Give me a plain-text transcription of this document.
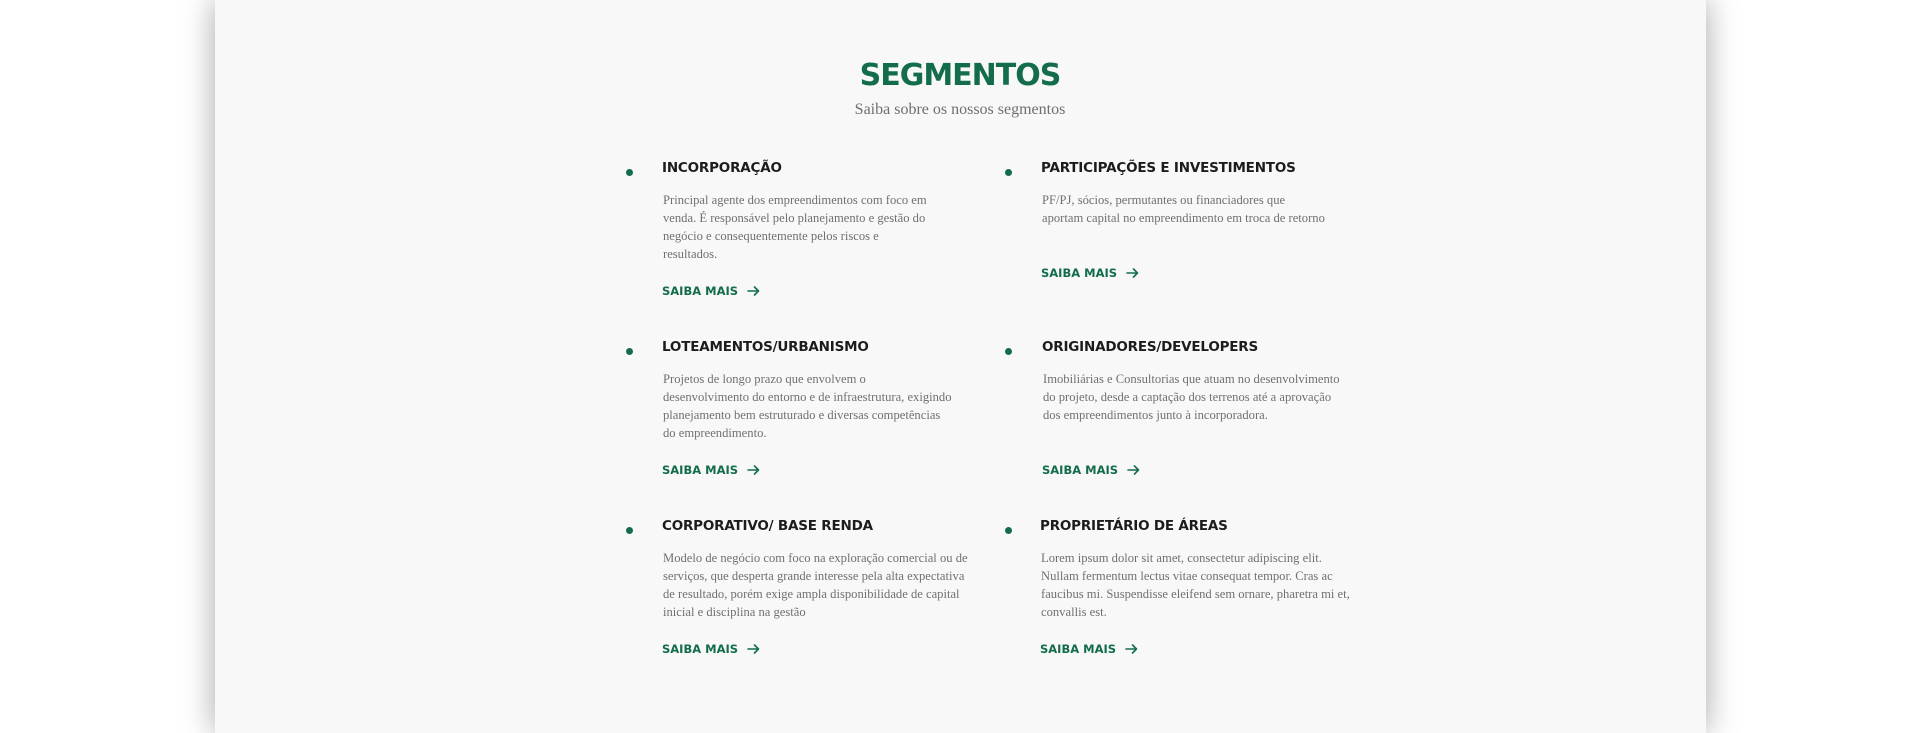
SEGMENTOS

Saiba sobre os nossos segmentos

INCORPORAÇÃO

Principal agente dos empreendimentos com foco em venda. É responsável pelo planejamento e gestão do negócio e consequentemente pelos riscos e resultados.

SAIBA MAIS
PARTICIPAÇÕES E INVESTIMENTOS

PF/PJ, sócios, permutantes ou financiadores que aportam capital no empreendimento em troca de retorno

SAIBA MAIS
LOTEAMENTOS/URBANISMO

Projetos de longo prazo que envolvem o desenvolvimento do entorno e de infraestrutura, exigindo planejamento bem estruturado e diversas competências do empreendimento.

SAIBA MAIS
ORIGINADORES/DEVELOPERS

Imobiliárias e Consultorias que atuam no desenvolvimento do projeto, desde a captação dos terrenos até a aprovação dos empreendimentos junto à incorporadora.

SAIBA MAIS
CORPORATIVO/ BASE RENDA

Modelo de negócio com foco na exploração comercial ou de serviços, que desperta grande interesse pela alta expectativa de resultado, porém exige ampla disponibilidade de capital inicial e disciplina na gestão

SAIBA MAIS
PROPRIETÁRIO DE ÁREAS

Lorem ipsum dolor sit amet, consectetur adipiscing elit. Nullam fermentum lectus vitae consequat tempor. Cras ac faucibus mi. Suspendisse eleifend sem ornare, pharetra mi et, convallis est.

SAIBA MAIS
